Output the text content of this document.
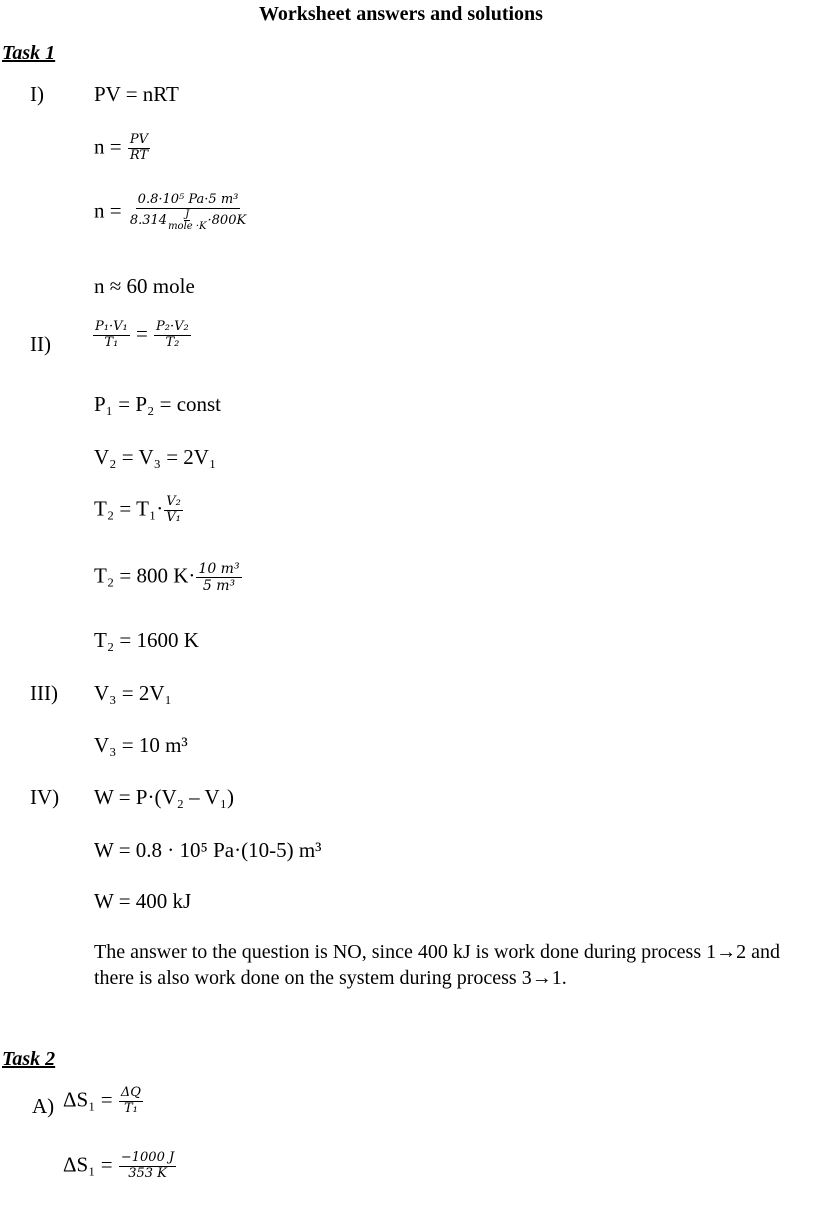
Worksheet answers and solutions
Task 1
I) PV = nRT
$n = \frac{PV}{RT}$
$n = \frac{\text{0.8·10⁵ Pa·5 m³}}{8.314 \frac{J}{\text{mole ·K}} \cdot 800K}$
n ≈ 60 mole
II)	$\frac{\text{P₁·V₁}}{\text{T₁}} = \frac{\text{P₂·V₂}}{\text{T₂}}$
P₁ = P₂ = const
V₂ = V₃ = 2V₁
$T_2 = T_1\cdot \frac{\text{V₂}}{\text{V₁}}$
T₂ = 800 $K\cdot \frac{\text{10 m³}}{\text{5 m³}}$
T₂ = 1600 K
III) V₃ = 2V₁
V₃ = 10 m³
IV) W = P·(V₂ – V₁)
W = 0.8 · 10⁵ Pa·(10-5) m³
W = 400 kJ
The answer to the question is NO, since 400 kJ is work done during process 1→2 and there is also work done on the system during process 3→1.
Task 2
A) $\Delta S_1 = \frac{\Delta Q}{\text{T₁}}$
$\Delta S_1 = \frac{-1000 J}{353 K}$
